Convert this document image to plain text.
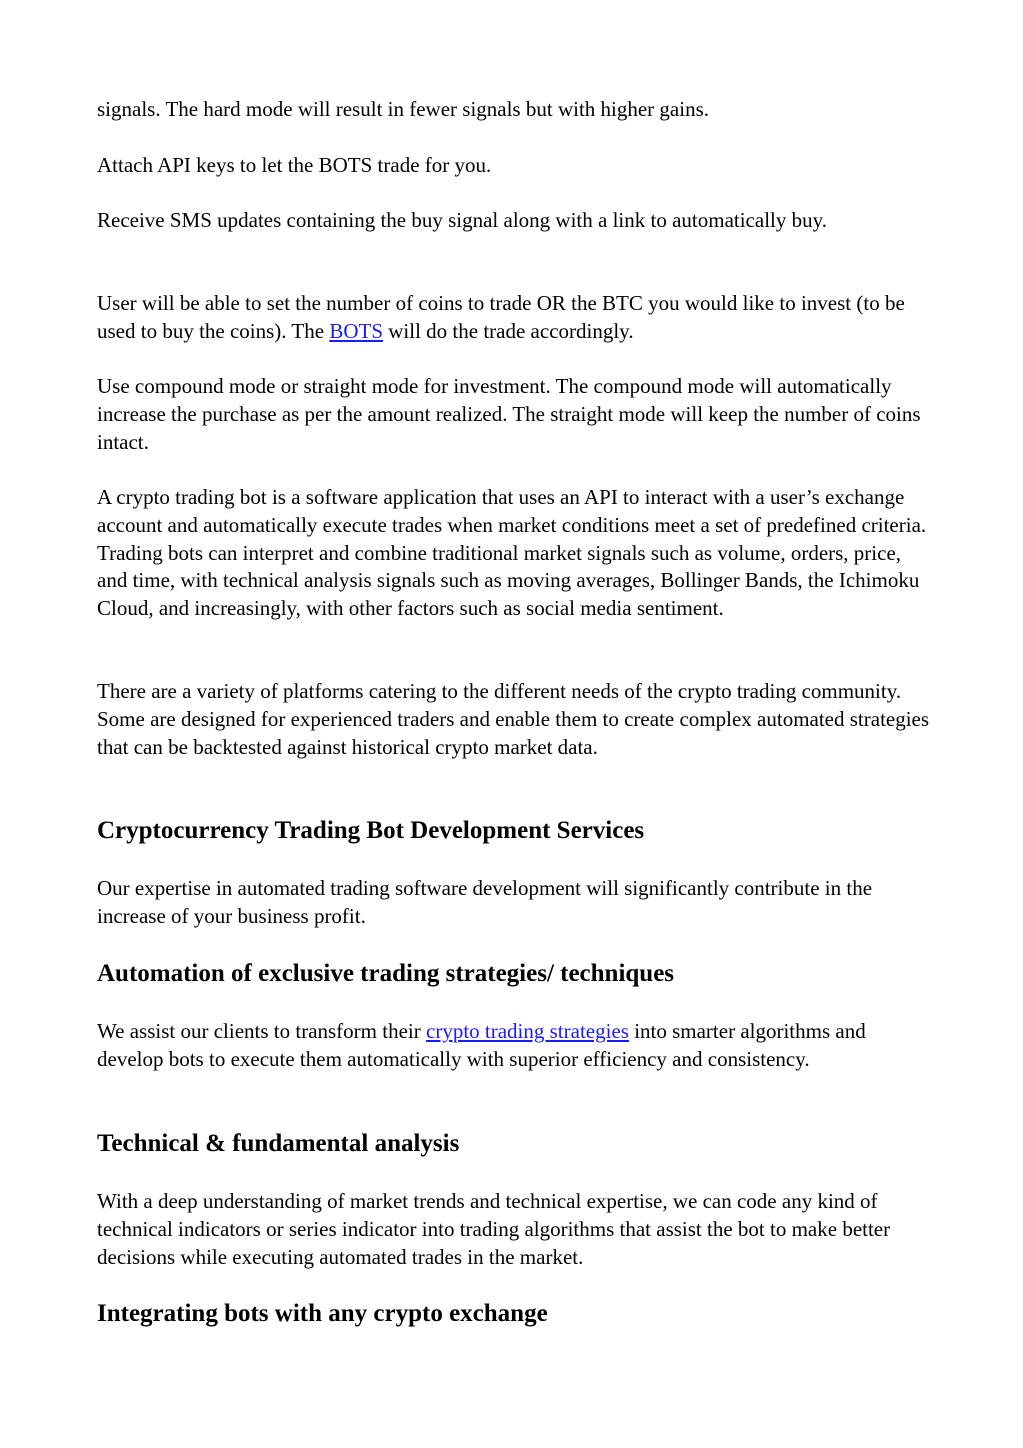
signals. The hard mode will result in fewer signals but with higher gains.

Attach API keys to let the BOTS trade for you.

Receive SMS updates containing the buy signal along with a link to automatically buy.

User will be able to set the number of coins to trade OR the BTC you would like to invest (to be used to buy the coins). The BOTS will do the trade accordingly.

Use compound mode or straight mode for investment. The compound mode will automatically increase the purchase as per the amount realized. The straight mode will keep the number of coins intact.

A crypto trading bot is a software application that uses an API to interact with a user’s exchange account and automatically execute trades when market conditions meet a set of predefined criteria. Trading bots can interpret and combine traditional market signals such as volume, orders, price, and time, with technical analysis signals such as moving averages, Bollinger Bands, the Ichimoku Cloud, and increasingly, with other factors such as social media sentiment.

There are a variety of platforms catering to the different needs of the crypto trading community. Some are designed for experienced traders and enable them to create complex automated strategies that can be backtested against historical crypto market data.

Cryptocurrency Trading Bot Development Services

Our expertise in automated trading software development will significantly contribute in the increase of your business profit.

Automation of exclusive trading strategies/ techniques

We assist our clients to transform their crypto trading strategies into smarter algorithms and develop bots to execute them automatically with superior efficiency and consistency.

Technical & fundamental analysis

With a deep understanding of market trends and technical expertise, we can code any kind of technical indicators or series indicator into trading algorithms that assist the bot to make better decisions while executing automated trades in the market.

Integrating bots with any crypto exchange
